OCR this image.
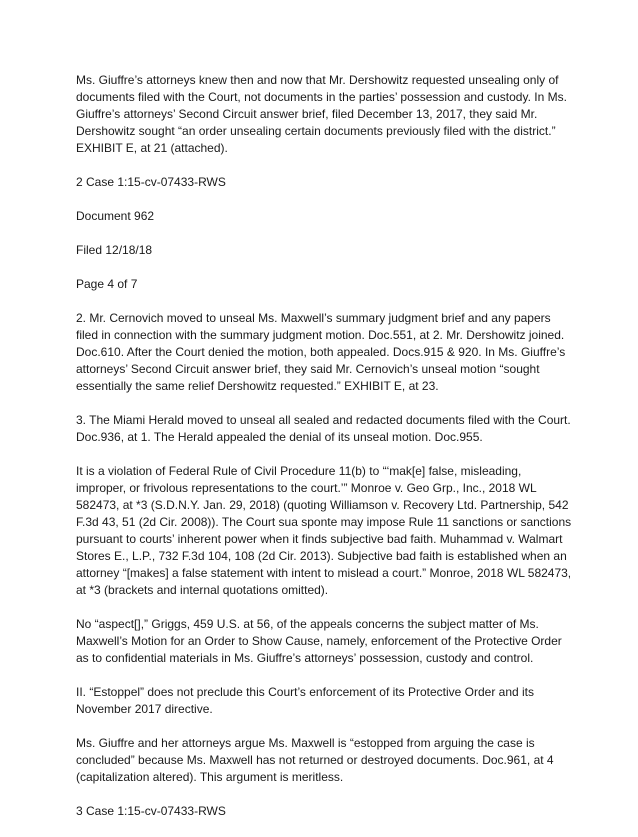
Ms. Giuffre’s attorneys knew then and now that Mr. Dershowitz requested unsealing only of documents filed with the Court, not documents in the parties’ possession and custody. In Ms. Giuffre’s attorneys’ Second Circuit answer brief, filed December 13, 2017, they said Mr. Dershowitz sought “an order unsealing certain documents previously filed with the district.” EXHIBIT E, at 21 (attached).

2 Case 1:15-cv-07433-RWS

Document 962

Filed 12/18/18

Page 4 of 7

2. Mr. Cernovich moved to unseal Ms. Maxwell’s summary judgment brief and any papers filed in connection with the summary judgment motion. Doc.551, at 2. Mr. Dershowitz joined. Doc.610. After the Court denied the motion, both appealed. Docs.915 & 920. In Ms. Giuffre’s attorneys’ Second Circuit answer brief, they said Mr. Cernovich’s unseal motion “sought essentially the same relief Dershowitz requested.” EXHIBIT E, at 23.

3. The Miami Herald moved to unseal all sealed and redacted documents filed with the Court. Doc.936, at 1. The Herald appealed the denial of its unseal motion. Doc.955.

It is a violation of Federal Rule of Civil Procedure 11(b) to “‘mak[e] false, misleading, improper, or frivolous representations to the court.’” Monroe v. Geo Grp., Inc., 2018 WL 582473, at *3 (S.D.N.Y. Jan. 29, 2018) (quoting Williamson v. Recovery Ltd. Partnership, 542 F.3d 43, 51 (2d Cir. 2008)). The Court sua sponte may impose Rule 11 sanctions or sanctions pursuant to courts’ inherent power when it finds subjective bad faith. Muhammad v. Walmart Stores E., L.P., 732 F.3d 104, 108 (2d Cir. 2013). Subjective bad faith is established when an attorney “[makes] a false statement with intent to mislead a court.” Monroe, 2018 WL 582473, at *3 (brackets and internal quotations omitted).

No “aspect[],” Griggs, 459 U.S. at 56, of the appeals concerns the subject matter of Ms. Maxwell’s Motion for an Order to Show Cause, namely, enforcement of the Protective Order as to confidential materials in Ms. Giuffre’s attorneys’ possession, custody and control.

II. “Estoppel” does not preclude this Court’s enforcement of its Protective Order and its November 2017 directive.

Ms. Giuffre and her attorneys argue Ms. Maxwell is “estopped from arguing the case is concluded” because Ms. Maxwell has not returned or destroyed documents. Doc.961, at 4 (capitalization altered). This argument is meritless.

3 Case 1:15-cv-07433-RWS
